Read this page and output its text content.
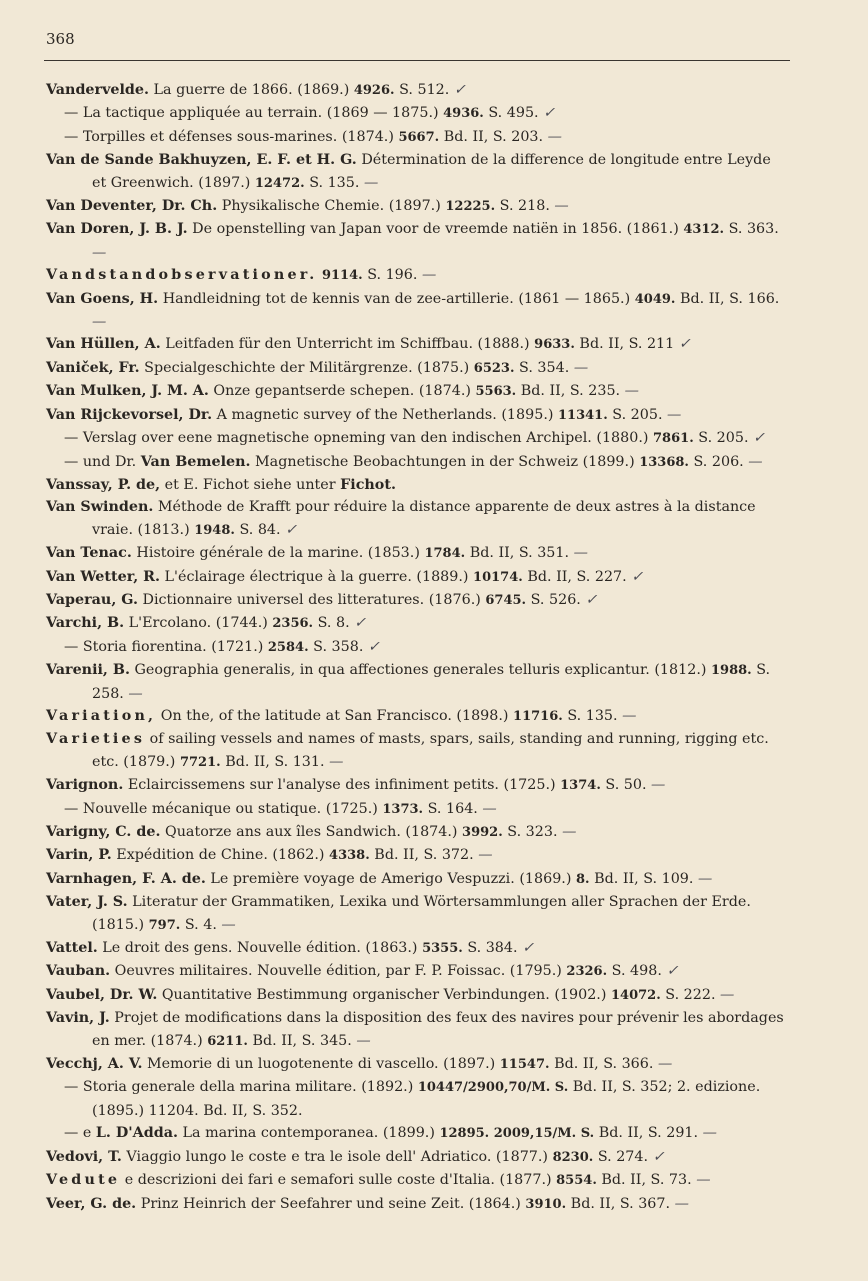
368

Vandervelde. La guerre de 1866. (1869.) 4926. S. 512. ✓

— La tactique appliquée au terrain. (1869 — 1875.) 4936. S. 495. ✓

— Torpilles et défenses sous-marines. (1874.) 5667. Bd. II, S. 203. —

Van de Sande Bakhuyzen, E. F. et H. G. Détermination de la difference de longitude entre Leyde et Greenwich. (1897.) 12472. S. 135. —

Van Deventer, Dr. Ch. Physikalische Chemie. (1897.) 12225. S. 218. —

Van Doren, J. B. J. De openstelling van Japan voor de vreemde natiën in 1856. (1861.) 4312. S. 363. —

Vandstandobservationer. 9114. S. 196. —

Van Goens, H. Handleidning tot de kennis van de zee-artillerie. (1861 — 1865.) 4049. Bd. II, S. 166. —

Van Hüllen, A. Leitfaden für den Unterricht im Schiffbau. (1888.) 9633. Bd. II, S. 211 ✓

Vaniček, Fr. Specialgeschichte der Militärgrenze. (1875.) 6523. S. 354. —

Van Mulken, J. M. A. Onze gepantserde schepen. (1874.) 5563. Bd. II, S. 235. —

Van Rijckevorsel, Dr. A magnetic survey of the Netherlands. (1895.) 11341. S. 205. —

— Verslag over eene magnetische opneming van den indischen Archipel. (1880.) 7861. S. 205. ✓

— und Dr. Van Bemelen. Magnetische Beobachtungen in der Schweiz (1899.) 13368. S. 206. —

Vanssay, P. de, et E. Fichot siehe unter Fichot.

Van Swinden. Méthode de Krafft pour réduire la distance apparente de deux astres à la distance vraie. (1813.) 1948. S. 84. ✓

Van Tenac. Histoire générale de la marine. (1853.) 1784. Bd. II, S. 351. —

Van Wetter, R. L'éclairage électrique à la guerre. (1889.) 10174. Bd. II, S. 227. ✓

Vaperau, G. Dictionnaire universel des litteratures. (1876.) 6745. S. 526. ✓

Varchi, B. L'Ercolano. (1744.) 2356. S. 8. ✓

— Storia fiorentina. (1721.) 2584. S. 358. ✓

Varenii, B. Geographia generalis, in qua affectiones generales telluris explicantur. (1812.) 1988. S. 258. —

Variation, On the, of the latitude at San Francisco. (1898.) 11716. S. 135. —

Varieties of sailing vessels and names of masts, spars, sails, standing and running, rigging etc. etc. (1879.) 7721. Bd. II, S. 131. —

Varignon. Eclaircissemens sur l'analyse des infiniment petits. (1725.) 1374. S. 50. —

— Nouvelle mécanique ou statique. (1725.) 1373. S. 164. —

Varigny, C. de. Quatorze ans aux îles Sandwich. (1874.) 3992. S. 323. —

Varin, P. Expédition de Chine. (1862.) 4338. Bd. II, S. 372. —

Varnhagen, F. A. de. Le première voyage de Amerigo Vespuzzi. (1869.) 8. Bd. II, S. 109. —

Vater, J. S. Literatur der Grammatiken, Lexika und Wörtersammlungen aller Sprachen der Erde. (1815.) 797. S. 4. —

Vattel. Le droit des gens. Nouvelle édition. (1863.) 5355. S. 384. ✓

Vauban. Oeuvres militaires. Nouvelle édition, par F. P. Foissac. (1795.) 2326. S. 498. ✓

Vaubel, Dr. W. Quantitative Bestimmung organischer Verbindungen. (1902.) 14072. S. 222. —

Vavin, J. Projet de modifications dans la disposition des feux des navires pour prévenir les abordages en mer. (1874.) 6211. Bd. II, S. 345. —

Vecchj, A. V. Memorie di un luogotenente di vascello. (1897.) 11547. Bd. II, S. 366. —

— Storia generale della marina militare. (1892.) 10447/2900,70/M. S. Bd. II, S. 352; 2. edizione. (1895.) 11204. Bd. II, S. 352.

— e L. D'Adda. La marina contemporanea. (1899.) 12895. 2009,15/M. S. Bd. II, S. 291. —

Vedovi, T. Viaggio lungo le coste e tra le isole dell' Adriatico. (1877.) 8230. S. 274. ✓

Vedute e descrizioni dei fari e semafori sulle coste d'Italia. (1877.) 8554. Bd. II, S. 73. —

Veer, G. de. Prinz Heinrich der Seefahrer und seine Zeit. (1864.) 3910. Bd. II, S. 367. —
